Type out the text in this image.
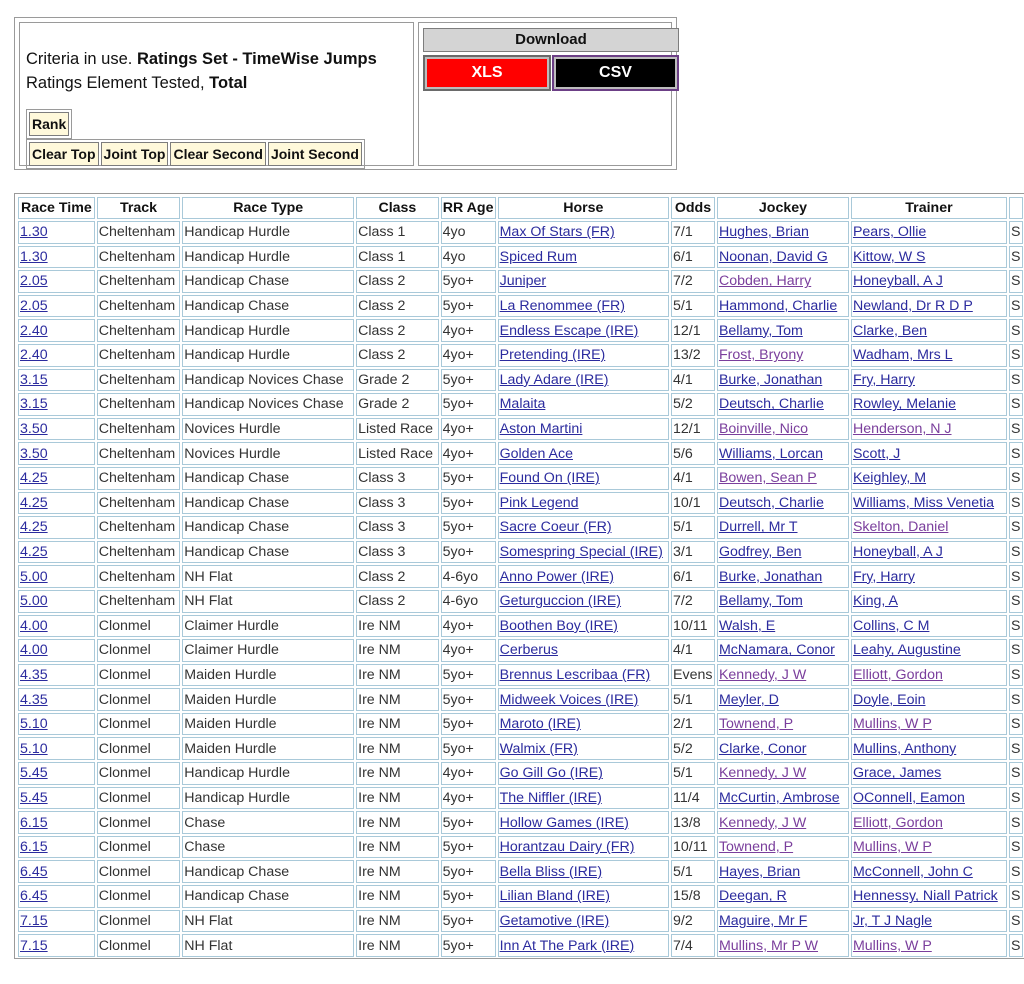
Criteria in use. Ratings Set - TimeWise Jumps
Ratings Element Tested, Total
Rank
Clear Top Joint Top Clear Second Joint Second
Download
XLS	CSV
Race Time	Track	Race Type	Class	RR Age	Horse	Odds	Jockey	Trainer	
1.30	Cheltenham	Handicap Hurdle	Class 1	4yo	Max Of Stars (FR)	7/1	Hughes, Brian	Pears, Ollie	S
1.30	Cheltenham	Handicap Hurdle	Class 1	4yo	Spiced Rum	6/1	Noonan, David G	Kittow, W S	S
2.05	Cheltenham	Handicap Chase	Class 2	5yo+	Juniper	7/2	Cobden, Harry	Honeyball, A J	S
2.05	Cheltenham	Handicap Chase	Class 2	5yo+	La Renommee (FR)	5/1	Hammond, Charlie	Newland, Dr R D P	S
2.40	Cheltenham	Handicap Hurdle	Class 2	4yo+	Endless Escape (IRE)	12/1	Bellamy, Tom	Clarke, Ben	S
2.40	Cheltenham	Handicap Hurdle	Class 2	4yo+	Pretending (IRE)	13/2	Frost, Bryony	Wadham, Mrs L	S
3.15	Cheltenham	Handicap Novices Chase	Grade 2	5yo+	Lady Adare (IRE)	4/1	Burke, Jonathan	Fry, Harry	S
3.15	Cheltenham	Handicap Novices Chase	Grade 2	5yo+	Malaita	5/2	Deutsch, Charlie	Rowley, Melanie	S
3.50	Cheltenham	Novices Hurdle	Listed Race	4yo+	Aston Martini	12/1	Boinville, Nico	Henderson, N J	S
3.50	Cheltenham	Novices Hurdle	Listed Race	4yo+	Golden Ace	5/6	Williams, Lorcan	Scott, J	S
4.25	Cheltenham	Handicap Chase	Class 3	5yo+	Found On (IRE)	4/1	Bowen, Sean P	Keighley, M	S
4.25	Cheltenham	Handicap Chase	Class 3	5yo+	Pink Legend	10/1	Deutsch, Charlie	Williams, Miss Venetia	S
4.25	Cheltenham	Handicap Chase	Class 3	5yo+	Sacre Coeur (FR)	5/1	Durrell, Mr T	Skelton, Daniel	S
4.25	Cheltenham	Handicap Chase	Class 3	5yo+	Somespring Special (IRE)	3/1	Godfrey, Ben	Honeyball, A J	S
5.00	Cheltenham	NH Flat	Class 2	4-6yo	Anno Power (IRE)	6/1	Burke, Jonathan	Fry, Harry	S
5.00	Cheltenham	NH Flat	Class 2	4-6yo	Geturguccion (IRE)	7/2	Bellamy, Tom	King, A	S
4.00	Clonmel	Claimer Hurdle	Ire NM	4yo+	Boothen Boy (IRE)	10/11	Walsh, E	Collins, C M	S
4.00	Clonmel	Claimer Hurdle	Ire NM	4yo+	Cerberus	4/1	McNamara, Conor	Leahy, Augustine	S
4.35	Clonmel	Maiden Hurdle	Ire NM	5yo+	Brennus Lescribaa (FR)	Evens	Kennedy, J W	Elliott, Gordon	S
4.35	Clonmel	Maiden Hurdle	Ire NM	5yo+	Midweek Voices (IRE)	5/1	Meyler, D	Doyle, Eoin	S
5.10	Clonmel	Maiden Hurdle	Ire NM	5yo+	Maroto (IRE)	2/1	Townend, P	Mullins, W P	S
5.10	Clonmel	Maiden Hurdle	Ire NM	5yo+	Walmix (FR)	5/2	Clarke, Conor	Mullins, Anthony	S
5.45	Clonmel	Handicap Hurdle	Ire NM	4yo+	Go Gill Go (IRE)	5/1	Kennedy, J W	Grace, James	S
5.45	Clonmel	Handicap Hurdle	Ire NM	4yo+	The Niffler (IRE)	11/4	McCurtin, Ambrose	OConnell, Eamon	S
6.15	Clonmel	Chase	Ire NM	5yo+	Hollow Games (IRE)	13/8	Kennedy, J W	Elliott, Gordon	S
6.15	Clonmel	Chase	Ire NM	5yo+	Horantzau Dairy (FR)	10/11	Townend, P	Mullins, W P	S
6.45	Clonmel	Handicap Chase	Ire NM	5yo+	Bella Bliss (IRE)	5/1	Hayes, Brian	McConnell, John C	S
6.45	Clonmel	Handicap Chase	Ire NM	5yo+	Lilian Bland (IRE)	15/8	Deegan, R	Hennessy, Niall Patrick	S
7.15	Clonmel	NH Flat	Ire NM	5yo+	Getamotive (IRE)	9/2	Maguire, Mr F	Jr, T J Nagle	S
7.15	Clonmel	NH Flat	Ire NM	5yo+	Inn At The Park (IRE)	7/4	Mullins, Mr P W	Mullins, W P	S
